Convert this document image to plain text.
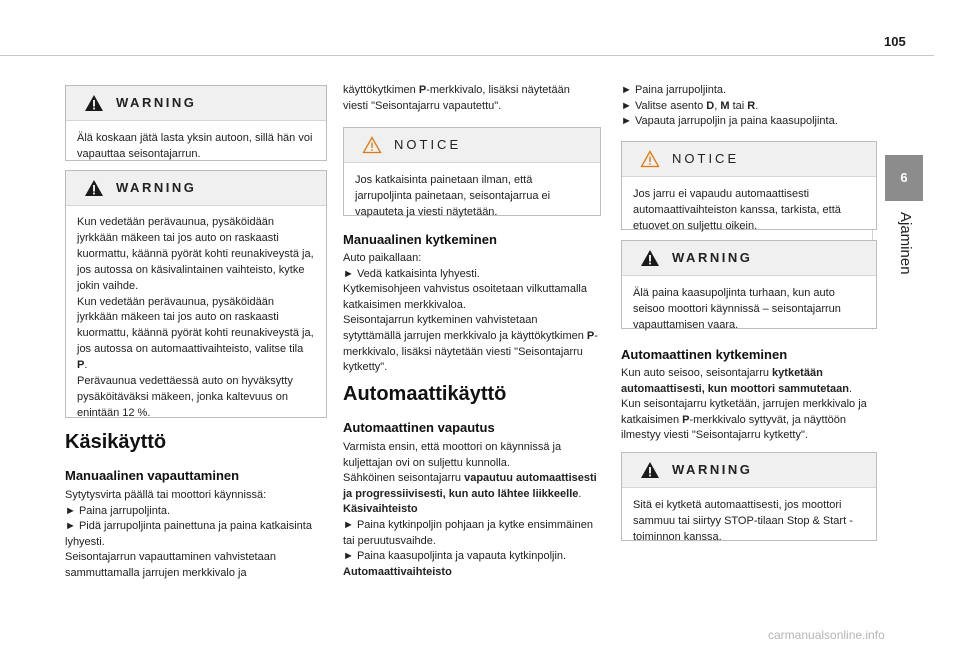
105
6
Ajaminen
WARNING
Älä koskaan jätä lasta yksin autoon, sillä hän voi vapauttaa seisontajarrun.
WARNING
Kun vedetään perävaunua, pysäköidään jyrkkään mäkeen tai jos auto on raskaasti kuormattu, käännä pyörät kohti reunakiveystä ja, jos autossa on käsivalintainen vaihteisto, kytke jokin vaihde.
Kun vedetään perävaunua, pysäköidään jyrkkään mäkeen tai jos auto on raskaasti kuormattu, käännä pyörät kohti reunakiveystä ja, jos autossa on automaattivaihteisto, valitse tila P.
Perävaunua vedettäessä auto on hyväksytty pysäköitäväksi mäkeen, jonka kaltevuus on enintään 12 %.
Käsikäyttö
Manuaalinen vapauttaminen
Sytytysvirta päällä tai moottori käynnissä:
► Paina jarrupoljinta.
► Pidä jarrupoljinta painettuna ja paina katkaisinta lyhyesti.
Seisontajarrun vapauttaminen vahvistetaan sammuttamalla jarrujen merkkivalo ja
käyttökytkimen P-merkkivalo, lisäksi näytetään viesti "Seisontajarru vapautettu".
NOTICE
Jos katkaisinta painetaan ilman, että jarrupoljinta painetaan, seisontajarrua ei vapauteta ja viesti näytetään.
Manuaalinen kytkeminen
Auto paikallaan:
► Vedä katkaisinta lyhyesti.
Kytkemisohjeen vahvistus osoitetaan vilkuttamalla katkaisimen merkkivaloa.
Seisontajarrun kytkeminen vahvistetaan sytyttämällä jarrujen merkkivalo ja käyttökytkimen P-merkkivalo, lisäksi näytetään viesti "Seisontajarru kytketty".
Automaattikäyttö
Automaattinen vapautus
Varmista ensin, että moottori on käynnissä ja kuljettajan ovi on suljettu kunnolla.
Sähköinen seisontajarru vapautuu automaattisesti ja progressiivisesti, kun auto lähtee liikkeelle.
Käsivaihteisto
► Paina kytkinpoljin pohjaan ja kytke ensimmäinen tai peruutusvaihde.
► Paina kaasupoljinta ja vapauta kytkinpoljin.
Automaattivaihteisto
► Paina jarrupoljinta.
► Valitse asento D, M tai R.
► Vapauta jarrupoljin ja paina kaasupoljinta.
NOTICE
Jos jarru ei vapaudu automaattisesti automaattivaihteiston kanssa, tarkista, että etuovet on suljettu oikein.
WARNING
Älä paina kaasupoljinta turhaan, kun auto seisoo moottori käynnissä – seisontajarrun vapauttamisen vaara.
Automaattinen kytkeminen
Kun auto seisoo, seisontajarru kytketään automaattisesti, kun moottori sammutetaan.
Kun seisontajarru kytketään, jarrujen merkkivalo ja katkaisimen P-merkkivalo syttyvät, ja näyttöön ilmestyy viesti "Seisontajarru kytketty".
WARNING
Sitä ei kytketä automaattisesti, jos moottori sammuu tai siirtyy STOP-tilaan Stop & Start -toiminnon kanssa.
carmanualsonline.info
